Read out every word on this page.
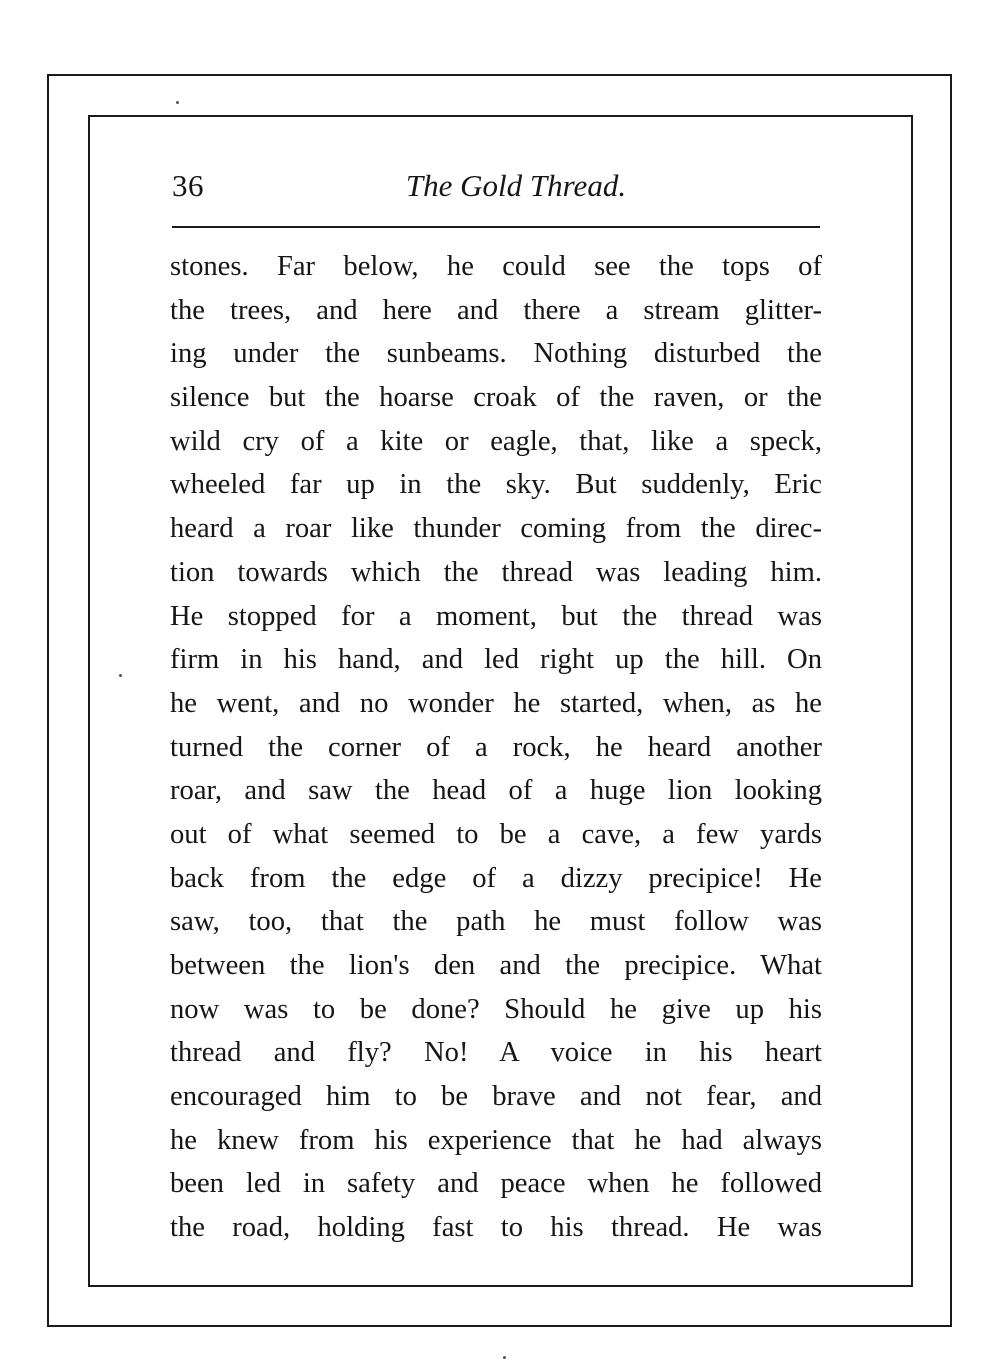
36	The Gold Thread.
stones. Far below, he could see the tops of
the trees, and here and there a stream glitter-
ing under the sunbeams. Nothing disturbed the
silence but the hoarse croak of the raven, or the
wild cry of a kite or eagle, that, like a speck,
wheeled far up in the sky. But suddenly, Eric
heard a roar like thunder coming from the direc-
tion towards which the thread was leading him.
He stopped for a moment, but the thread was
firm in his hand, and led right up the hill. On
he went, and no wonder he started, when, as he
turned the corner of a rock, he heard another
roar, and saw the head of a huge lion looking
out of what seemed to be a cave, a few yards
back from the edge of a dizzy precipice! He
saw, too, that the path he must follow was
between the lion's den and the precipice. What
now was to be done? Should he give up his
thread and fly? No! A voice in his heart
encouraged him to be brave and not fear, and
he knew from his experience that he had always
been led in safety and peace when he followed
the road, holding fast to his thread. He was
